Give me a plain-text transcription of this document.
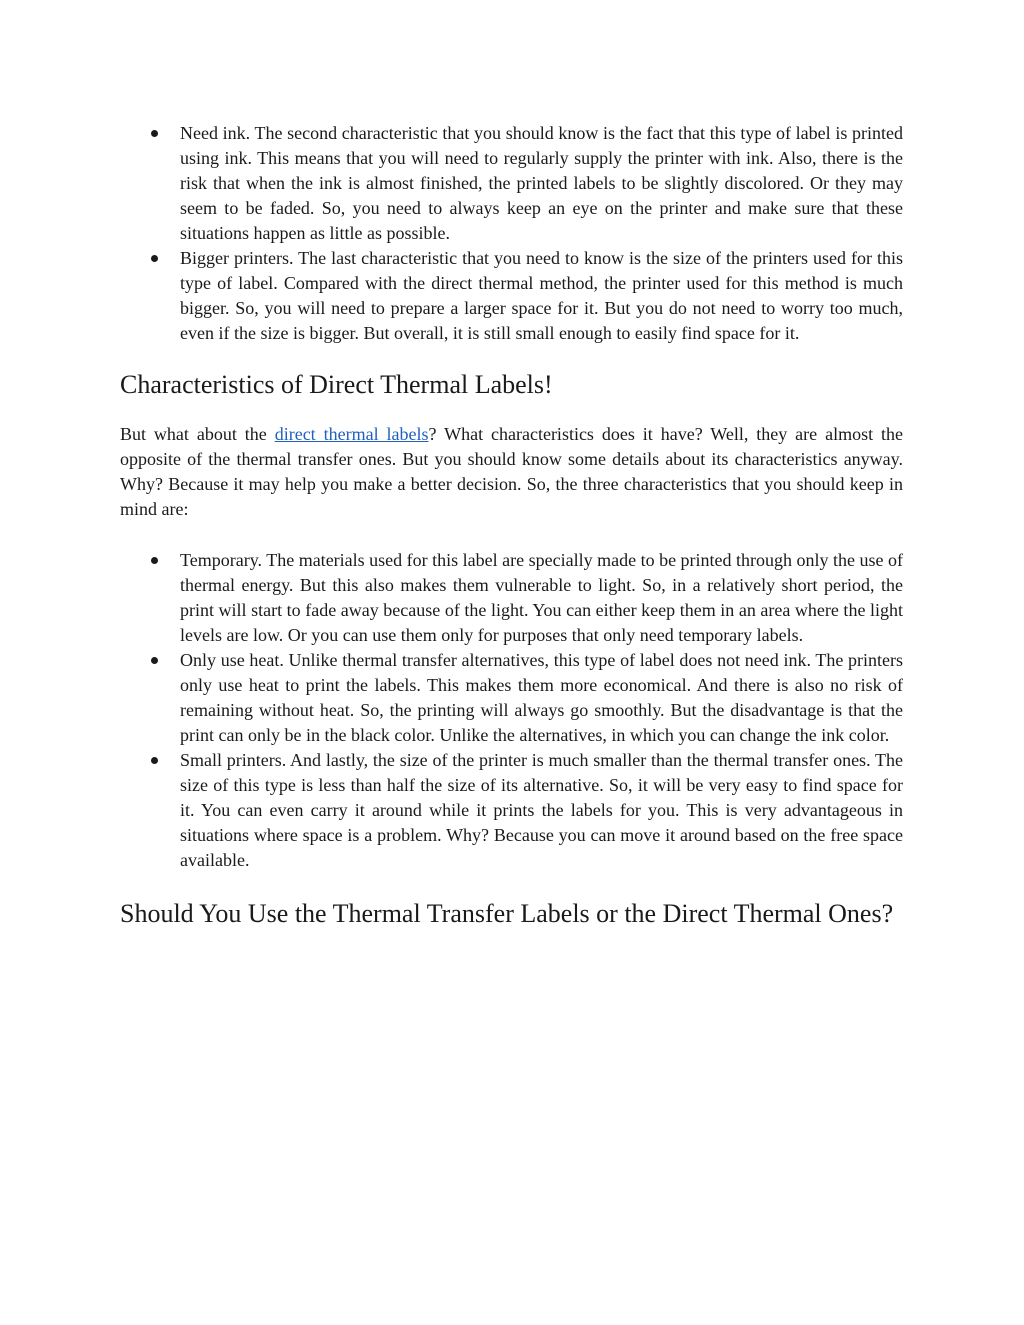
Need ink. The second characteristic that you should know is the fact that this type of label is printed using ink. This means that you will need to regularly supply the printer with ink. Also, there is the risk that when the ink is almost finished, the printed labels to be slightly discolored. Or they may seem to be faded. So, you need to always keep an eye on the printer and make sure that these situations happen as little as possible.
Bigger printers. The last characteristic that you need to know is the size of the printers used for this type of label. Compared with the direct thermal method, the printer used for this method is much bigger. So, you will need to prepare a larger space for it. But you do not need to worry too much, even if the size is bigger. But overall, it is still small enough to easily find space for it.
Characteristics of Direct Thermal Labels!

But what about the direct thermal labels? What characteristics does it have? Well, they are almost the opposite of the thermal transfer ones. But you should know some details about its characteristics anyway. Why? Because it may help you make a better decision. So, the three characteristics that you should keep in mind are:

Temporary. The materials used for this label are specially made to be printed through only the use of thermal energy. But this also makes them vulnerable to light. So, in a relatively short period, the print will start to fade away because of the light. You can either keep them in an area where the light levels are low. Or you can use them only for purposes that only need temporary labels.
Only use heat. Unlike thermal transfer alternatives, this type of label does not need ink. The printers only use heat to print the labels. This makes them more economical. And there is also no risk of remaining without heat. So, the printing will always go smoothly. But the disadvantage is that the print can only be in the black color. Unlike the alternatives, in which you can change the ink color.
Small printers. And lastly, the size of the printer is much smaller than the thermal transfer ones. The size of this type is less than half the size of its alternative. So, it will be very easy to find space for it. You can even carry it around while it prints the labels for you. This is very advantageous in situations where space is a problem. Why? Because you can move it around based on the free space available.
Should You Use the Thermal Transfer Labels or the Direct Thermal Ones?
